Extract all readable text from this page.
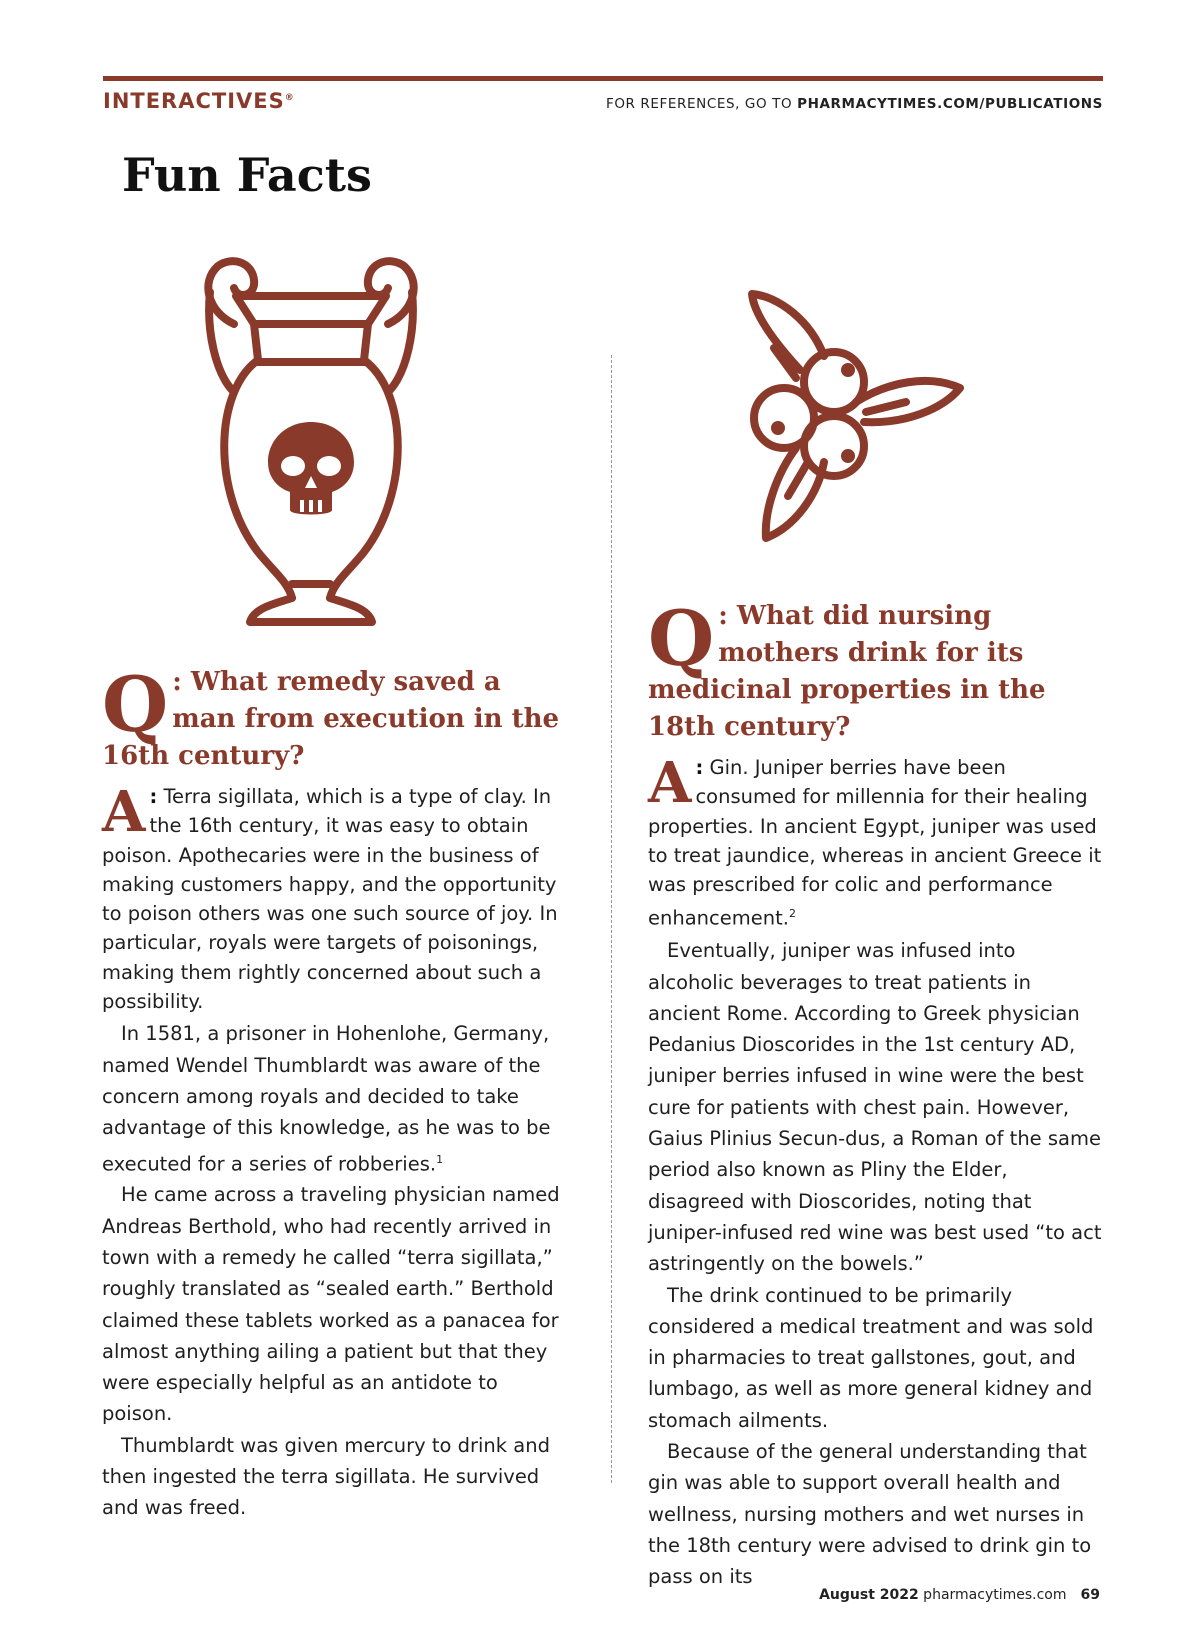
INTERACTIVES®	FOR REFERENCES, GO TO PHARMACYTIMES.COM/PUBLICATIONS
Fun Facts
Q : What remedy saved a man from execution in the 16th century?

A : Terra sigillata, which is a type of clay. In the 16th century, it was easy to obtain poison. Apothecaries were in the business of making customers happy, and the opportunity to poison others was one such source of joy. In particular, royals were targets of poisonings, making them rightly concerned about such a possibility.

In 1581, a prisoner in Hohenlohe, Germany, named Wendel Thumblardt was aware of the concern among royals and decided to take advantage of this knowledge, as he was to be executed for a series of robberies.$^1$

He came across a traveling physician named Andreas Berthold, who had recently arrived in town with a remedy he called “terra sigillata,” roughly translated as “sealed earth.” Berthold claimed these tablets worked as a panacea for almost anything ailing a patient but that they were especially helpful as an antidote to poison.

Thumblardt was given mercury to drink and then ingested the terra sigillata. He survived and was freed.

Q : What did nursing mothers drink for its medicinal properties in the 18th century?

A : Gin. Juniper berries have been consumed for millennia for their healing properties. In ancient Egypt, juniper was used to treat jaundice, whereas in ancient Greece it was prescribed for colic and performance enhancement.$^2$

Eventually, juniper was infused into alcoholic beverages to treat patients in ancient Rome. According to Greek physician Pedanius Dioscorides in the 1st century AD, juniper berries infused in wine were the best cure for patients with chest pain. However, Gaius Plinius Secun-dus, a Roman of the same period also known as Pliny the Elder, disagreed with Dioscorides, noting that juniper-infused red wine was best used “to act astringently on the bowels.”

The drink continued to be primarily considered a medical treatment and was sold in pharmacies to treat gallstones, gout, and lumbago, as well as more general kidney and stomach ailments.

Because of the general understanding that gin was able to support overall health and wellness, nursing mothers and wet nurses in the 18th century were advised to drink gin to pass on its

August 2022 pharmacytimes.com 69
